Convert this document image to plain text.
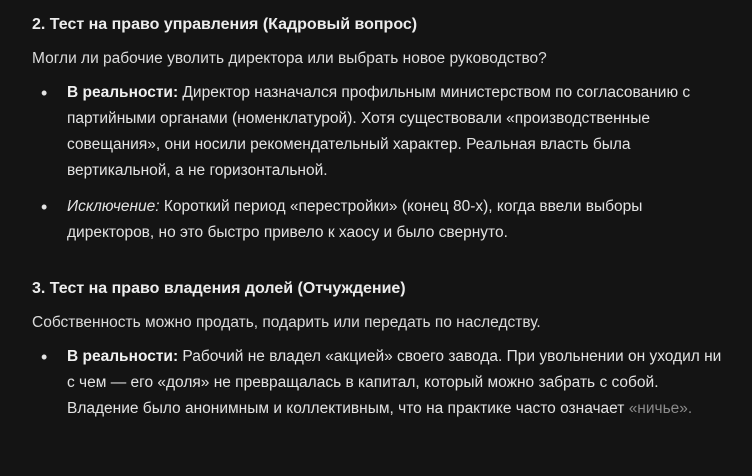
2. Тест на право управления (Кадровый вопрос)

Могли ли рабочие уволить директора или выбрать новое руководство?

• В реальности: Директор назначался профильным министерством по согласованию с партийными органами (номенклатурой). Хотя существовали «производственные совещания», они носили рекомендательный характер. Реальная власть была вертикальной, а не горизонтальной.
• Исключение: Короткий период «перестройки» (конец 80-х), когда ввели выборы директоров, но это быстро привело к хаосу и было свернуто.
3. Тест на право владения долей (Отчуждение)

Собственность можно продать, подарить или передать по наследству.

• В реальности: Рабочий не владел «акцией» своего завода. При увольнении он уходил ни с чем — его «доля» не превращалась в капитал, который можно забрать с собой. Владение было анонимным и коллективным, что на практике часто означает «ничье».
